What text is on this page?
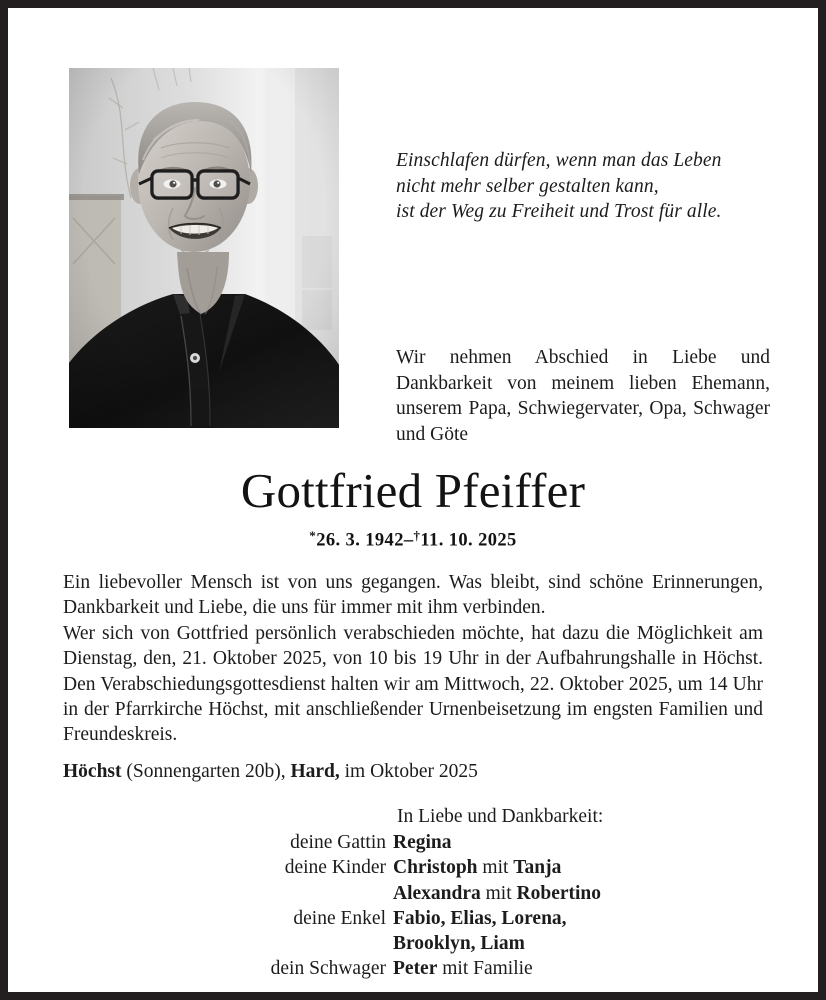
Einschlafen dürfen, wenn man das Leben
nicht mehr selber gestalten kann,
ist der Weg zu Freiheit und Trost für alle.
Wir nehmen Abschied in Liebe und Dankbarkeit von meinem lieben Ehemann, unserem Papa, Schwiegervater, Opa, Schwager und Göte
Gottfried Pfeiffer
*26. 3. 1942–†11. 10. 2025

Ein liebevoller Mensch ist von uns gegangen. Was bleibt, sind schöne Erinnerungen, Dankbarkeit und Liebe, die uns für immer mit ihm verbinden.

Wer sich von Gottfried persönlich verabschieden möchte, hat dazu die Möglichkeit am Dienstag, den, 21. Oktober 2025, von 10 bis 19 Uhr in der Aufbahrungshalle in Höchst. Den Verabschiedungsgottesdienst halten wir am Mittwoch, 22. Oktober 2025, um 14 Uhr in der Pfarrkirche Höchst, mit anschließender Urnenbeisetzung im engsten Familien und Freundeskreis.

Höchst (Sonnengarten 20b), Hard, im Oktober 2025
In Liebe und Dankbarkeit:
deine Gattin	Regina
deine Kinder	Christoph mit Tanja
	Alexandra mit Robertino
deine Enkel	Fabio, Elias, Lorena,
	Brooklyn, Liam
dein Schwager	Peter mit Familie
